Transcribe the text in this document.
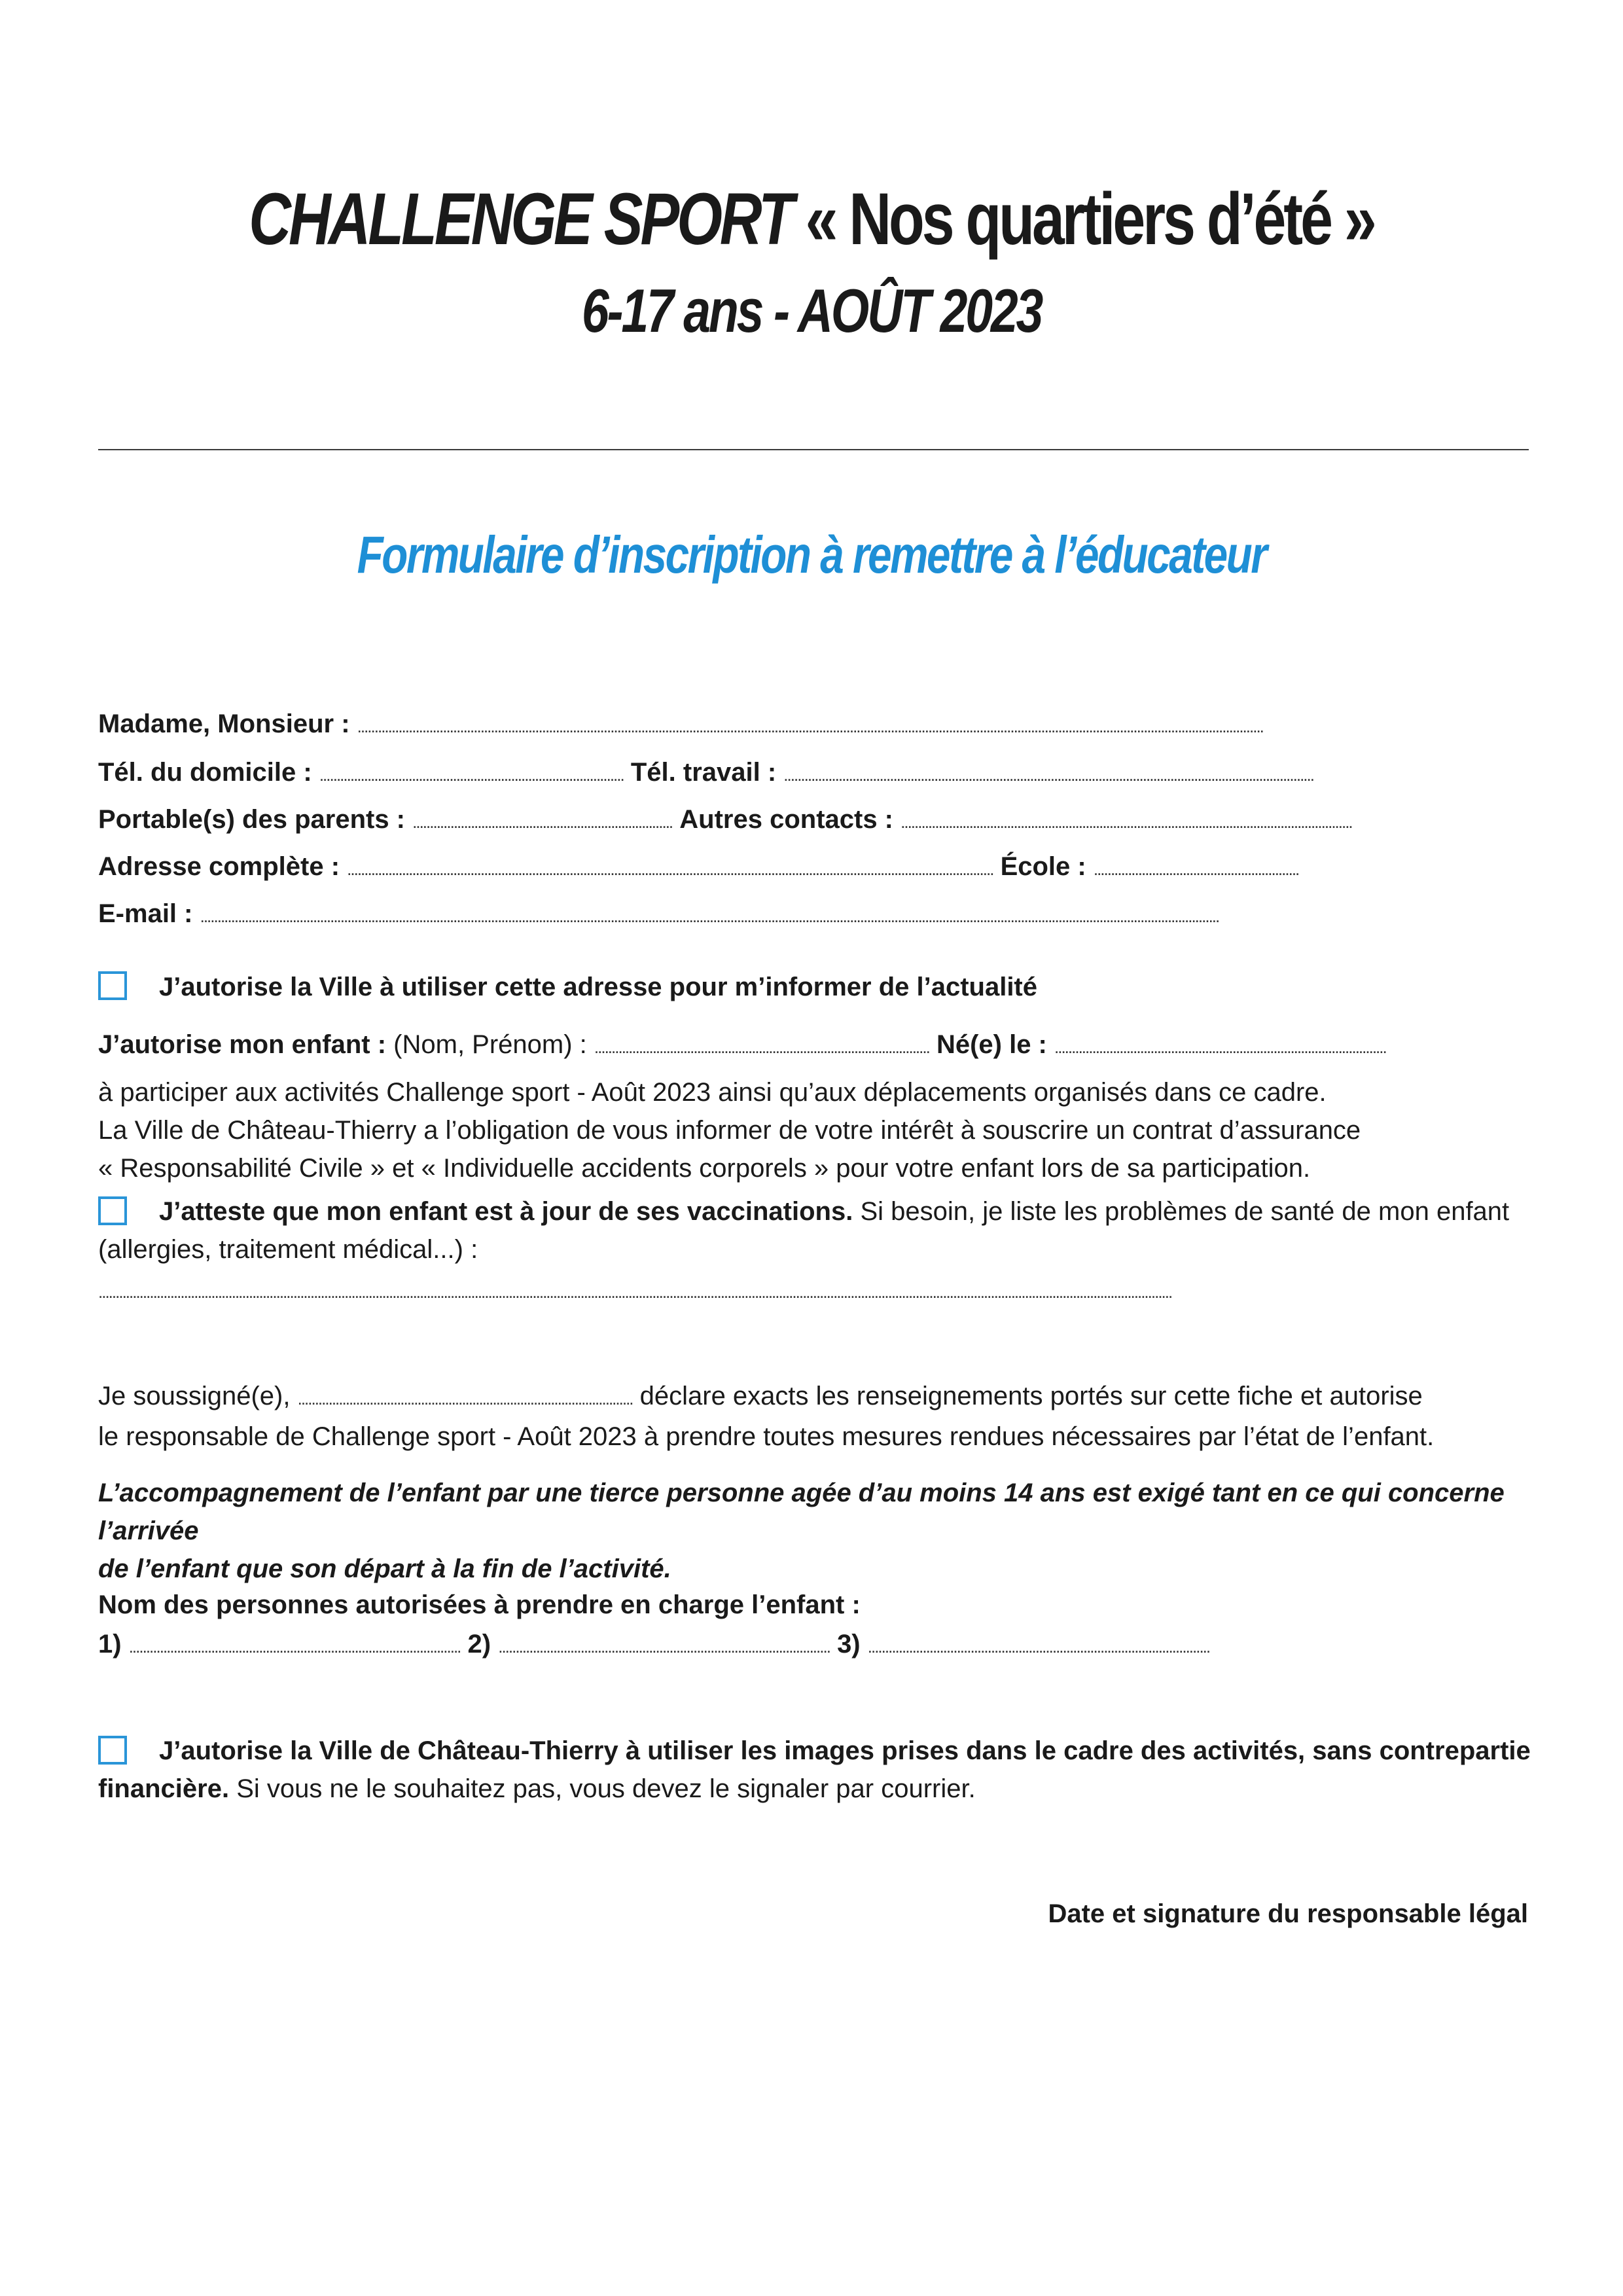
CHALLENGE SPORT « Nos quartiers d’été »
6-17 ans - AOÛT 2023
Formulaire d’inscription à remettre à l’éducateur
Madame, Monsieur : .........................................................................................................................................................................................................................................................................
Tél. du domicile : ......................................................................................... Tél. travail : ...........................................................................................................................................................
Portable(s) des parents : ............................................................................ Autres contacts : ....................................................................................................................................
Adresse complète : ............................................................................................................................................................................................. École : ............................................................
E-mail : ..........................................................................................................................................................................................................................................................................................................
J’autorise la Ville à utiliser cette adresse pour m’informer de l’actualité
J’autorise mon enfant : (Nom, Prénom) : .................................................................................................. Né(e) le : .................................................................................................
à participer aux activités Challenge sport - Août 2023 ainsi qu’aux déplacements organisés dans ce cadre.
La Ville de Château-Thierry a l’obligation de vous informer de votre intérêt à souscrire un contrat d’assurance
« Responsabilité Civile » et « Individuelle accidents corporels » pour votre enfant lors de sa participation.
J’atteste que mon enfant est à jour de ses vaccinations. Si besoin, je liste les problèmes de santé de mon enfant
(allergies, traitement médical...) :
..........................................................................................................................................................................................................................................................................................................................
Je soussigné(e), .................................................................................................. déclare exacts les renseignements portés sur cette fiche et autorise
le responsable de Challenge sport - Août 2023 à prendre toutes mesures rendues nécessaires par l’état de l’enfant.
L’accompagnement de l’enfant par une tierce personne agée d’au moins 14 ans est exigé tant en ce qui concerne l’arrivée
de l’enfant que son départ à la fin de l’activité.
Nom des personnes autorisées à prendre en charge l’enfant :
1) ................................................................................................. 2) ................................................................................................. 3) ....................................................................................................
J’autorise la Ville de Château-Thierry à utiliser les images prises dans le cadre des activités, sans contrepartie
financière. Si vous ne le souhaitez pas, vous devez le signaler par courrier.
Date et signature du responsable légal
